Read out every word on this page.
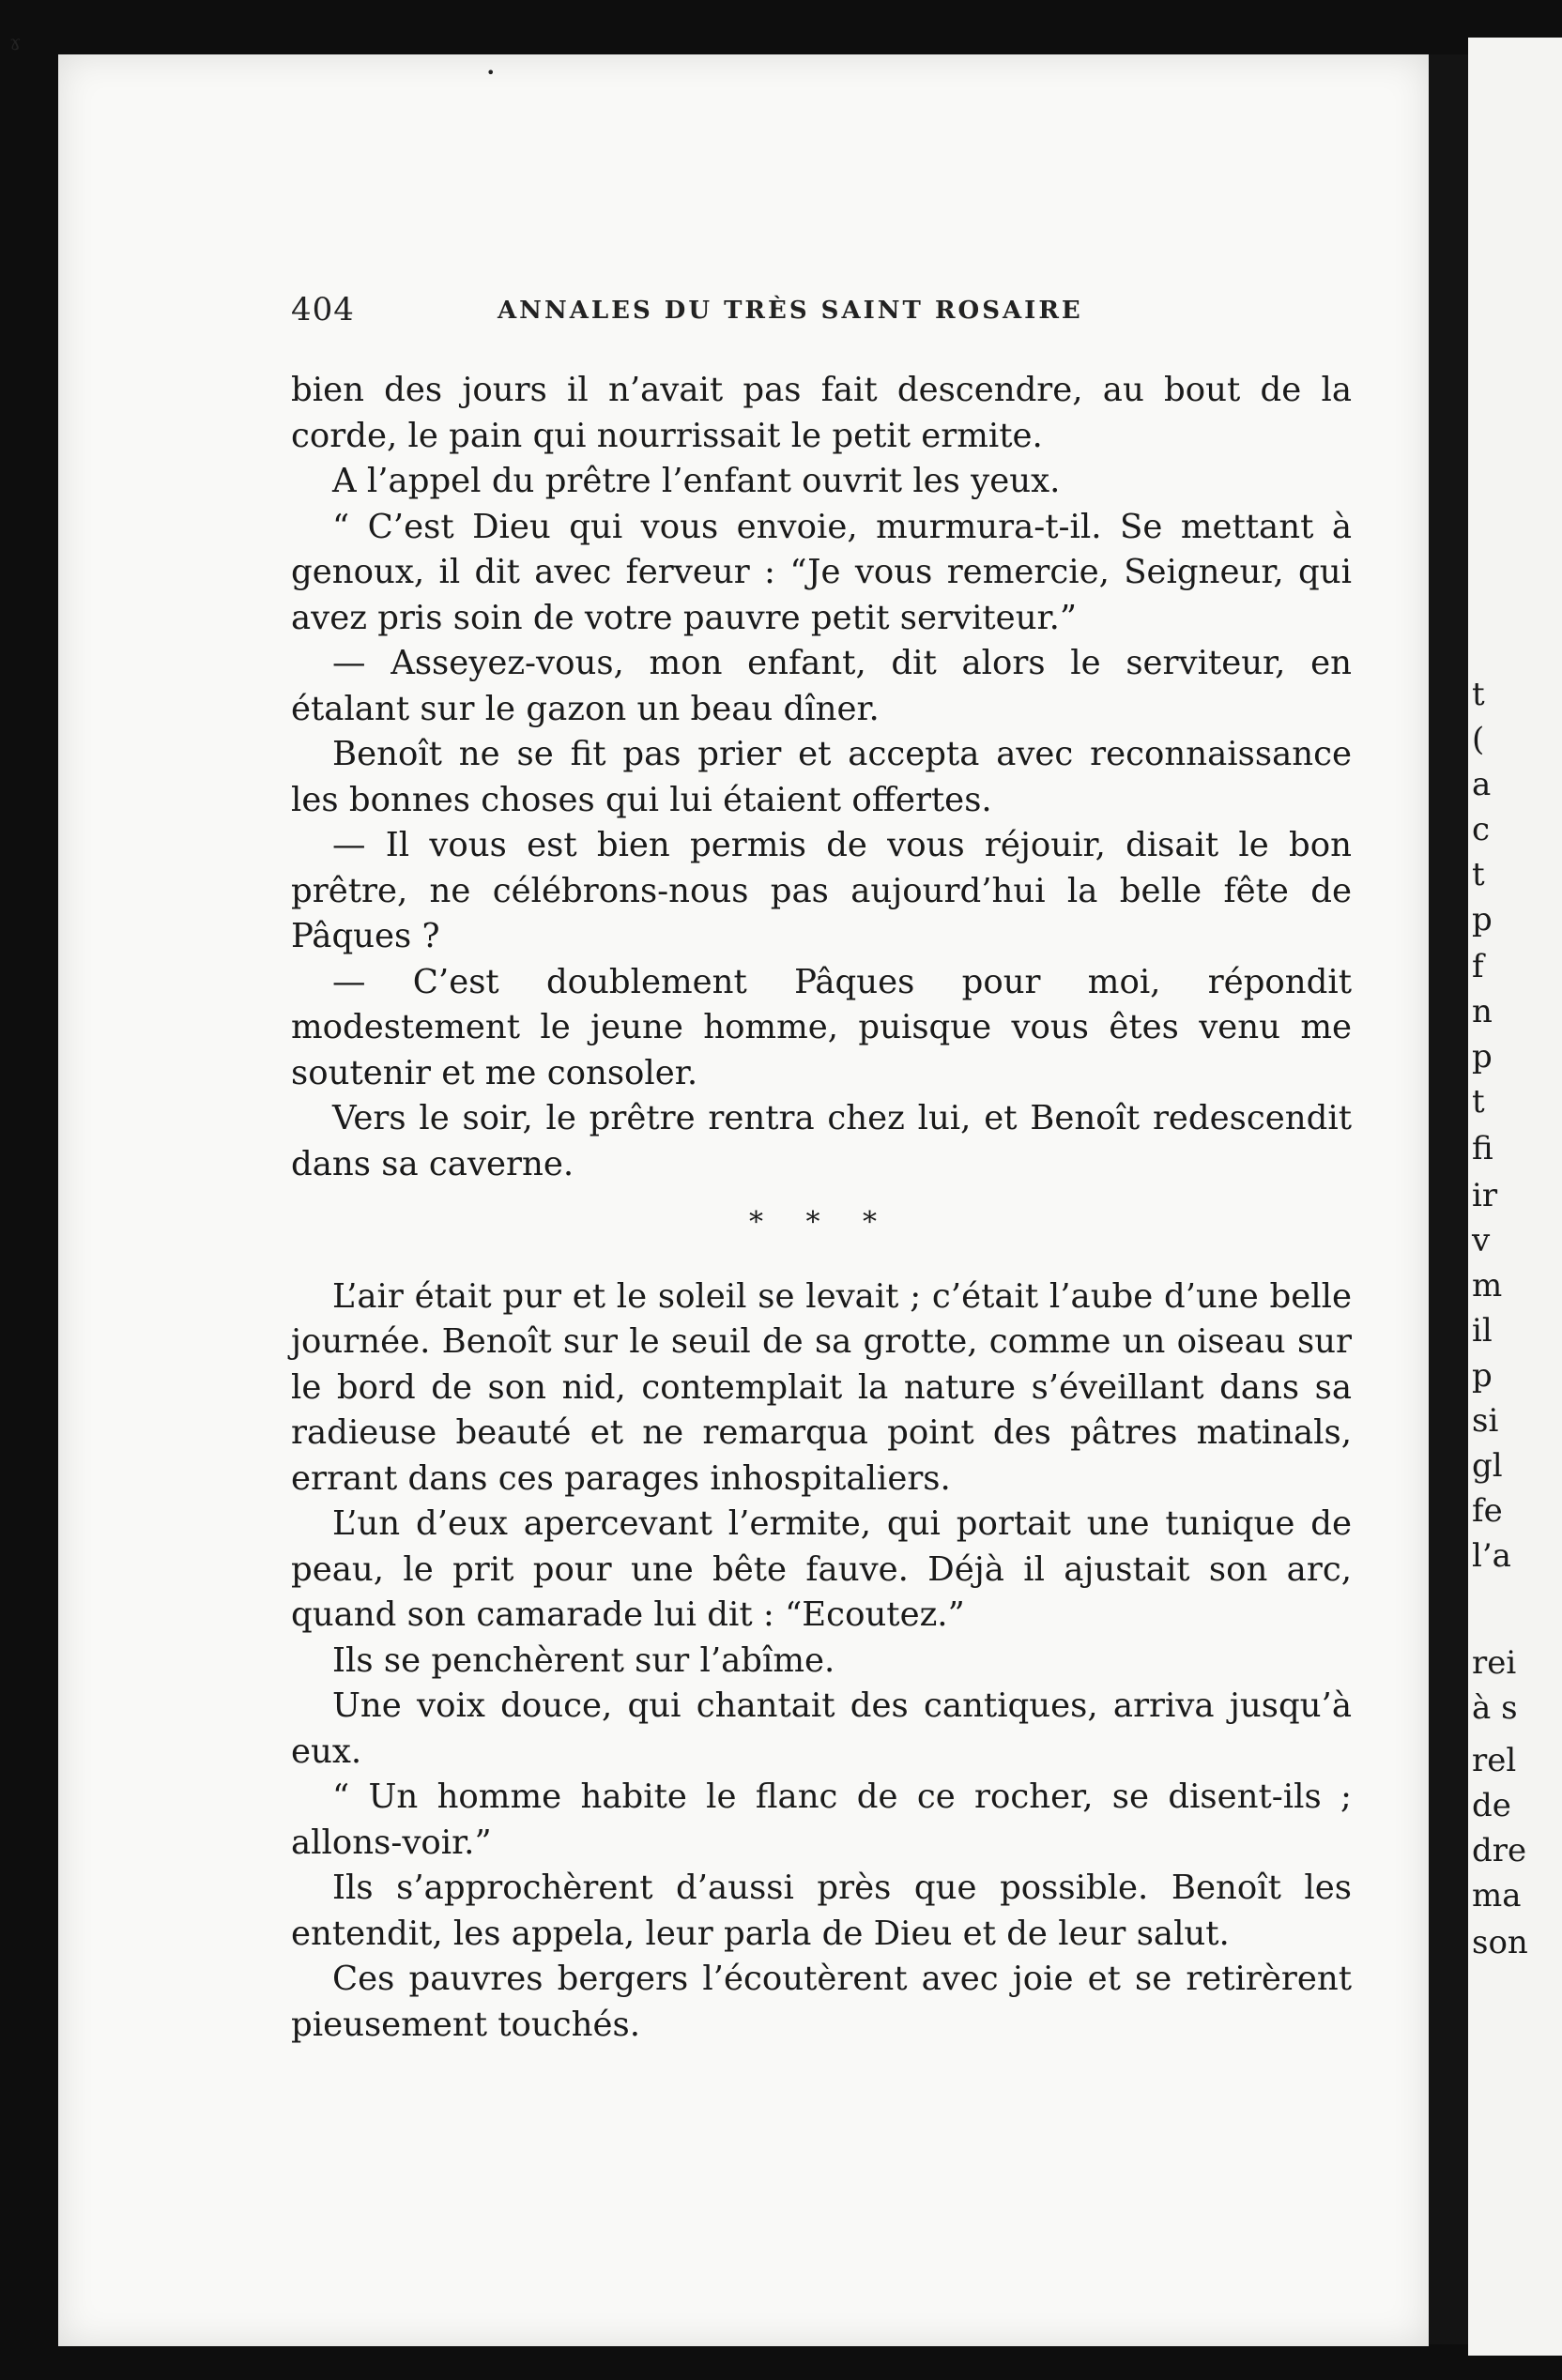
ɤ
•
404	ANNALES DU TRÈS SAINT ROSAIRE

bien des jours il n’avait pas fait descendre, au bout de la corde, le pain qui nourrissait le petit ermite.

A l’appel du prêtre l’enfant ouvrit les yeux.

“ C’est Dieu qui vous envoie, murmura-t-il. Se mettant à genoux, il dit avec ferveur : “Je vous remercie, Seigneur, qui avez pris soin de votre pauvre petit serviteur.”

— Asseyez-vous, mon enfant, dit alors le serviteur, en étalant sur le gazon un beau dîner.

Benoît ne se fit pas prier et accepta avec reconnaissance les bonnes choses qui lui étaient offertes.

— Il vous est bien permis de vous réjouir, disait le bon prêtre, ne célébrons-nous pas aujourd’hui la belle fête de Pâques ?

— C’est doublement Pâques pour moi, répondit modestement le jeune homme, puisque vous êtes venu me soutenir et me consoler.

Vers le soir, le prêtre rentra chez lui, et Benoît redescendit dans sa caverne.

* * *

L’air était pur et le soleil se levait ; c’était l’aube d’une belle journée. Benoît sur le seuil de sa grotte, comme un oiseau sur le bord de son nid, contemplait la nature s’éveillant dans sa radieuse beauté et ne remarqua point des pâtres matinals, errant dans ces parages inhospitaliers.

L’un d’eux apercevant l’ermite, qui portait une tunique de peau, le prit pour une bête fauve. Déjà il ajustait son arc, quand son camarade lui dit : “Ecoutez.”

Ils se penchèrent sur l’abîme.

Une voix douce, qui chantait des cantiques, arriva jusqu’à eux.

“ Un homme habite le flanc de ce rocher, se disent-ils ; allons-voir.”

Ils s’approchèrent d’aussi près que possible. Benoît les entendit, les appela, leur parla de Dieu et de leur salut.

Ces pauvres bergers l’écoutèrent avec joie et se retirèrent pieusement touchés.

t
(
a
c
t
p
f
n
p
t
fi
ir
v
m
il
p
si
gl
fe
l’a
rei
à s
rel
de
dre
ma
son
